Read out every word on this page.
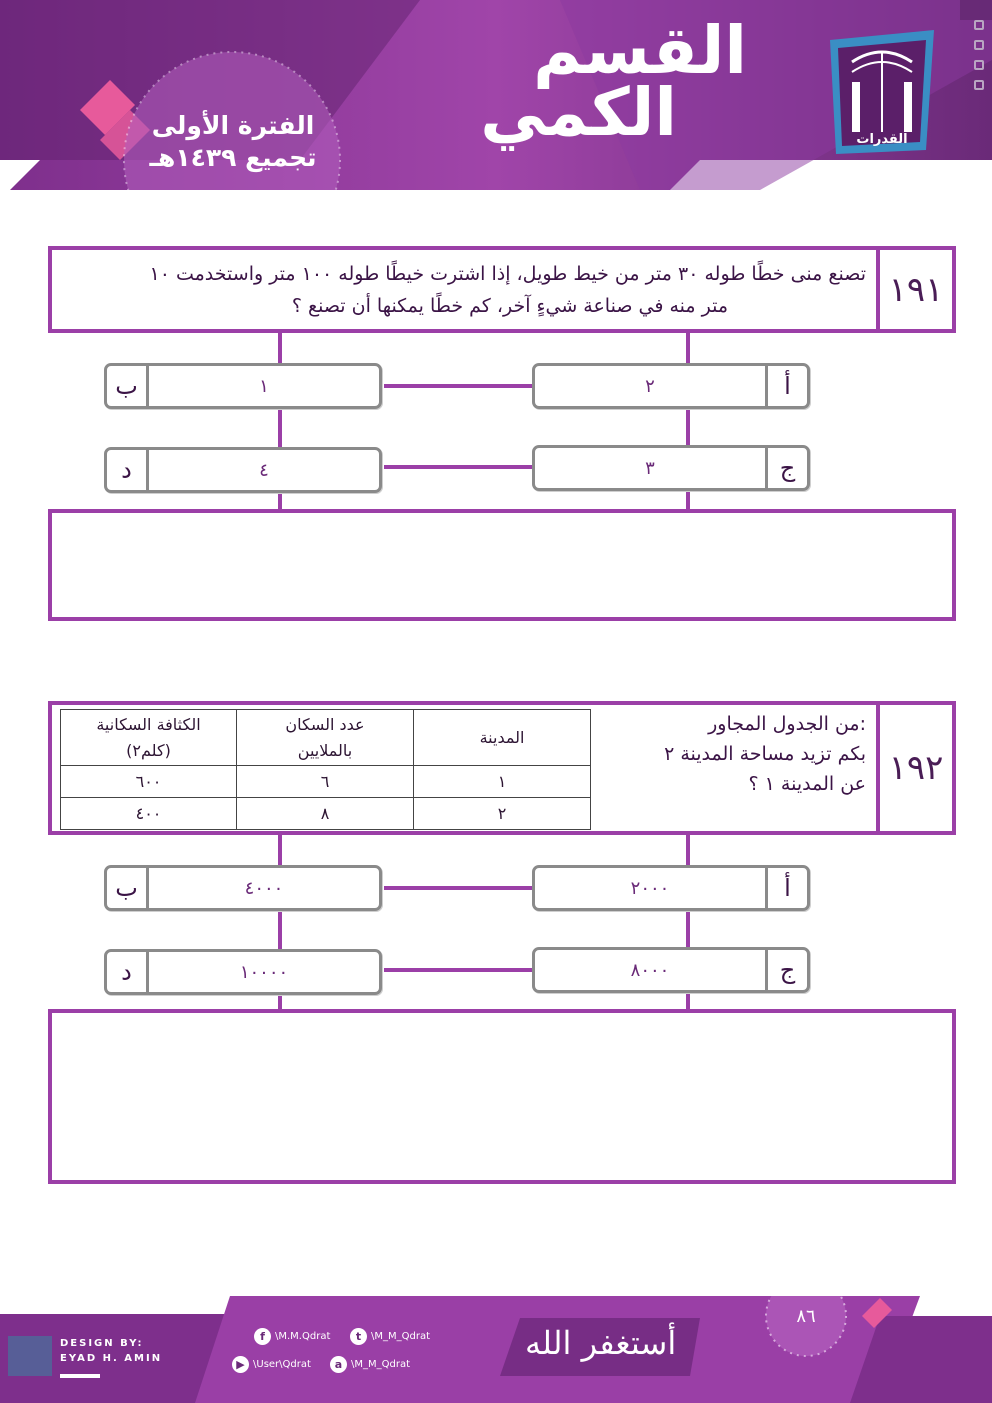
القسم
الكمي
الفترة الأولى
تجميع ١٤٣٩هـ
القدرات
تصنع منى خطًا طوله ٣٠ متر من خيط طويل، إذا اشترت خيطًا طوله ١٠٠ متر واستخدمت ١٠
متر منه في صناعة شيءٍ آخر، كم خطًا يمكنها أن تصنع ؟	١٩١
٢	أ
ب	١
٣	ج
د	٤
الكثافة السكانية (كلم٢)	عدد السكان بالملايين	المدينة
٦٠٠	٦	١
٤٠٠	٨	٢
من الجدول المجاور:
بكم تزيد مساحة المدينة ٢
عن المدينة ١ ؟ ١٩٢
٢٠٠٠	أ
ب	٤٠٠٠
٨٠٠٠	ج
د	١٠٠٠٠
٨٦
DESIGN BY:
EYAD H. AMIN
f	\M.M.Qdrat	t \M_M_Qdrat
▶ \User\Qdrat	a \M_M_Qdrat
أستغفر الله
